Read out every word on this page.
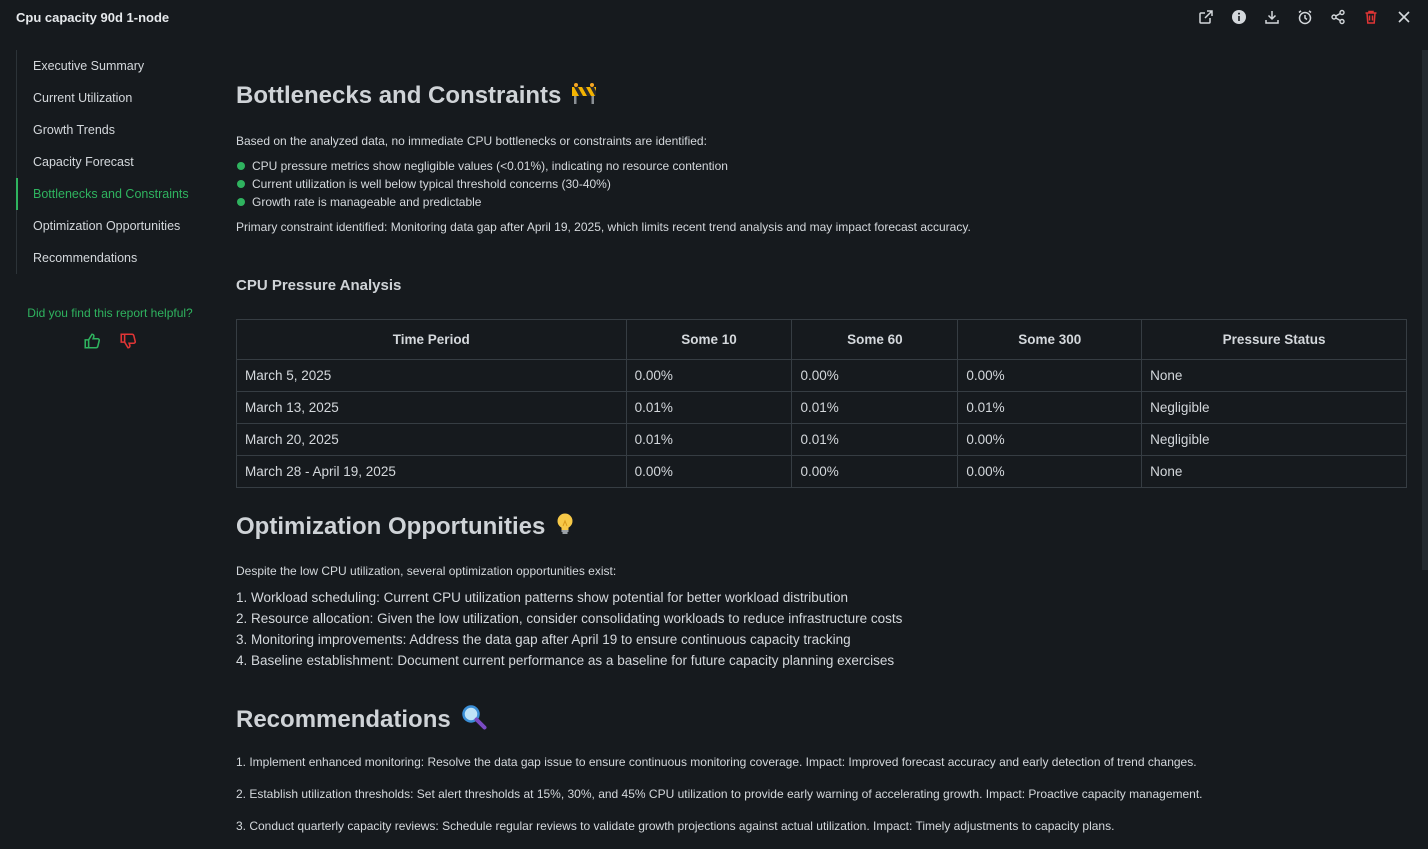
Cpu capacity 90d 1-node
Executive Summary
Current Utilization
Growth Trends
Capacity Forecast
Bottlenecks and Constraints
Optimization Opportunities
Recommendations
Did you find this report helpful?
Bottlenecks and Constraints
Based on the analyzed data, no immediate CPU bottlenecks or constraints are identified:
CPU pressure metrics show negligible values (<0.01%), indicating no resource contention
Current utilization is well below typical threshold concerns (30-40%)
Growth rate is manageable and predictable
Primary constraint identified: Monitoring data gap after April 19, 2025, which limits recent trend analysis and may impact forecast accuracy.
CPU Pressure Analysis
Time Period	Some 10	Some 60	Some 300	Pressure Status
March 5, 2025	0.00%	0.00%	0.00%	None
March 13, 2025	0.01%	0.01%	0.01%	Negligible
March 20, 2025	0.01%	0.01%	0.00%	Negligible
March 28 - April 19, 2025	0.00%	0.00%	0.00%	None
Optimization Opportunities
Despite the low CPU utilization, several optimization opportunities exist:
1. Workload scheduling: Current CPU utilization patterns show potential for better workload distribution
2. Resource allocation: Given the low utilization, consider consolidating workloads to reduce infrastructure costs
3. Monitoring improvements: Address the data gap after April 19 to ensure continuous capacity tracking
4. Baseline establishment: Document current performance as a baseline for future capacity planning exercises
Recommendations
1. Implement enhanced monitoring: Resolve the data gap issue to ensure continuous monitoring coverage. Impact: Improved forecast accuracy and early detection of trend changes.
2. Establish utilization thresholds: Set alert thresholds at 15%, 30%, and 45% CPU utilization to provide early warning of accelerating growth. Impact: Proactive capacity management.
3. Conduct quarterly capacity reviews: Schedule regular reviews to validate growth projections against actual utilization. Impact: Timely adjustments to capacity plans.
